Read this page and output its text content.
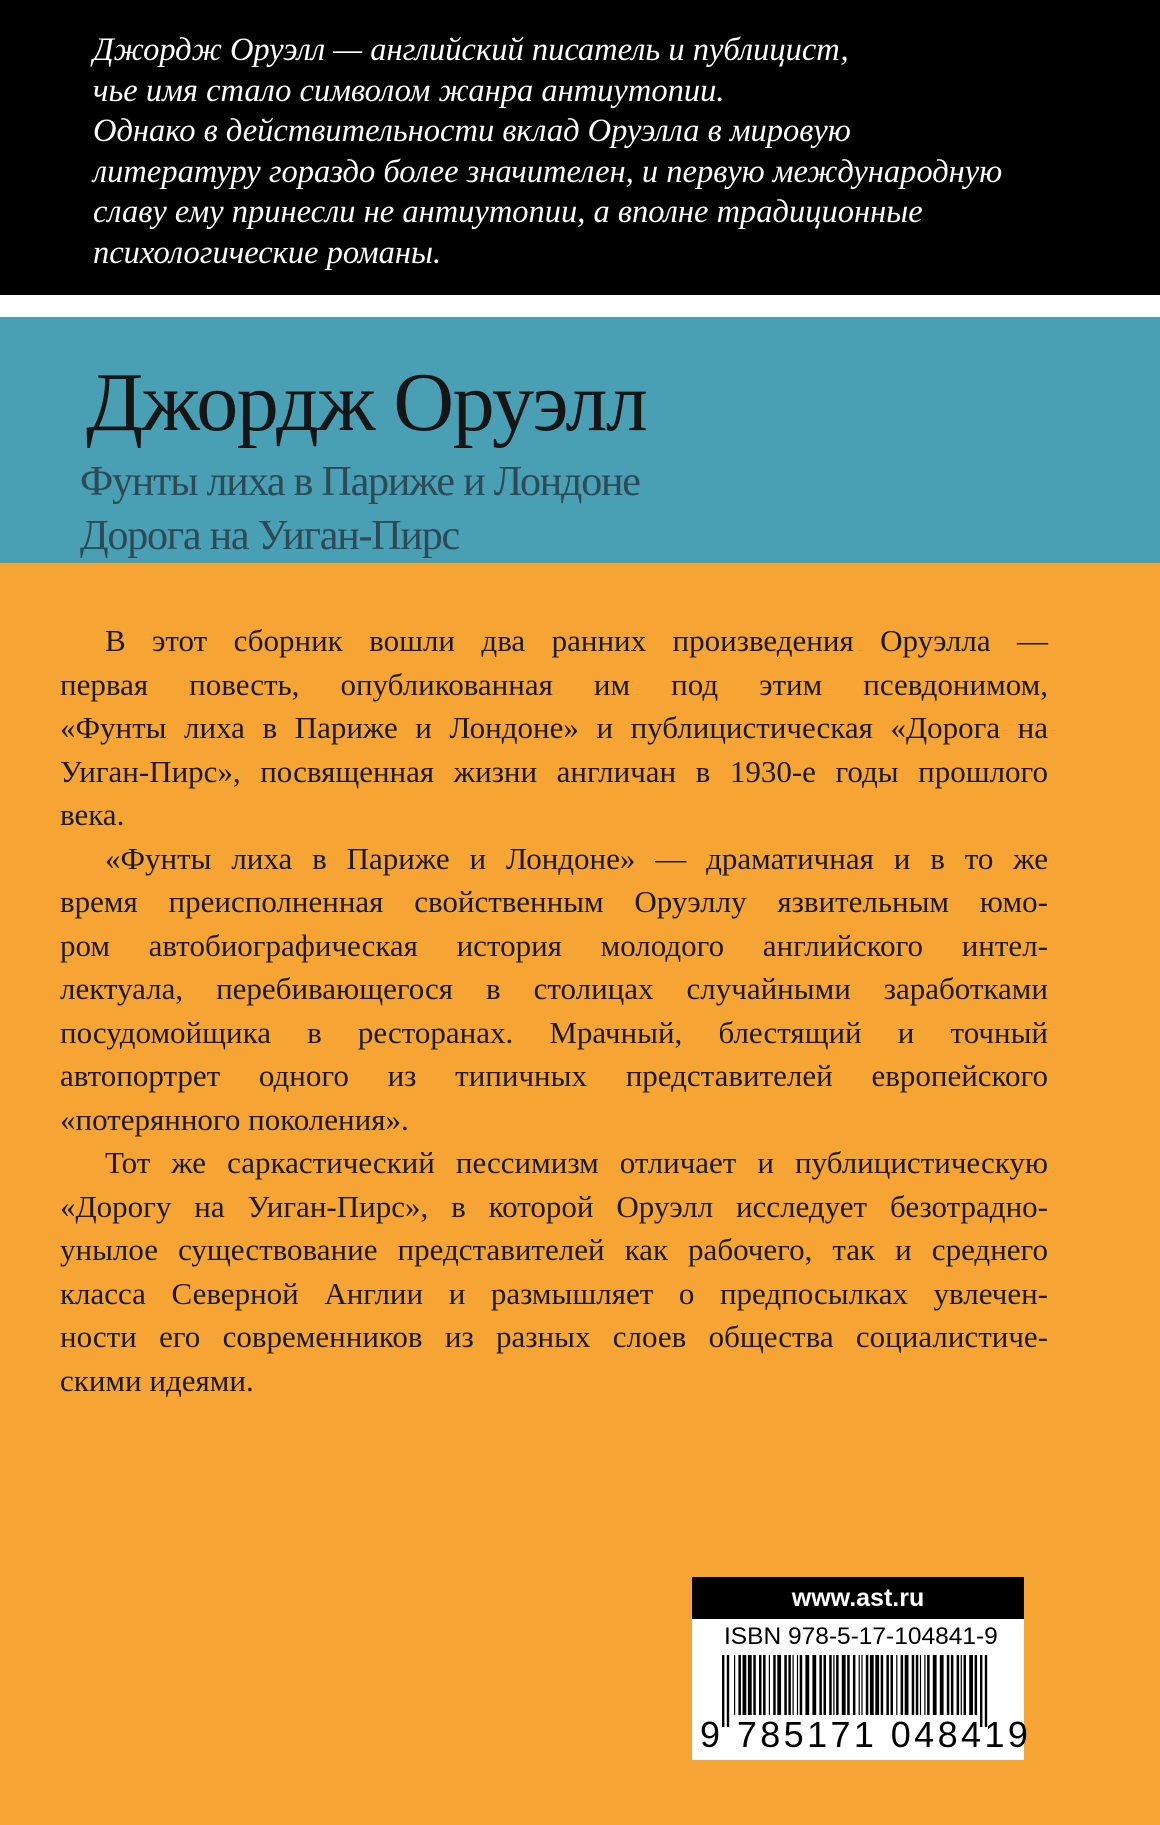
Джордж Оруэлл — английский писатель и публицист,

чье имя стало символом жанра антиутопии.

Однако в действительности вклад Оруэлла в мировую

литературу гораздо более значителен, и первую международную

славу ему принесли не антиутопии, а вполне традиционные

психологические романы.

Джордж Оруэлл
Фунты лиха в Париже и Лондоне
Дорога на Уиган-Пирс

В этот сборник вошли два ранних произведения Оруэлла —
первая повесть, опубликованная им под этим псевдонимом,
«Фунты лиха в Париже и Лондоне» и публицистическая «Дорога на
Уиган-Пирс», посвященная жизни англичан в 1930-е годы прошлого
века.

«Фунты лиха в Париже и Лондоне» — драматичная и в то же
время преисполненная свойственным Оруэллу язвительным юмо-
ром автобиографическая история молодого английского интел-
лектуала, перебивающегося в столицах случайными заработками
посудомойщика в ресторанах. Мрачный, блестящий и точный
автопортрет одного из типичных представителей европейского
«потерянного поколения».

Тот же саркастический пессимизм отличает и публицистическую
«Дорогу на Уиган-Пирс», в которой Оруэлл исследует безотрадно-
унылое существование представителей как рабочего, так и среднего
класса Северной Англии и размышляет о предпосылках увлечен-
ности его современников из разных слоев общества социалистиче-
скими идеями.

www.ast.ru
ISBN 978-5-17-104841-9
9 785171 048419
